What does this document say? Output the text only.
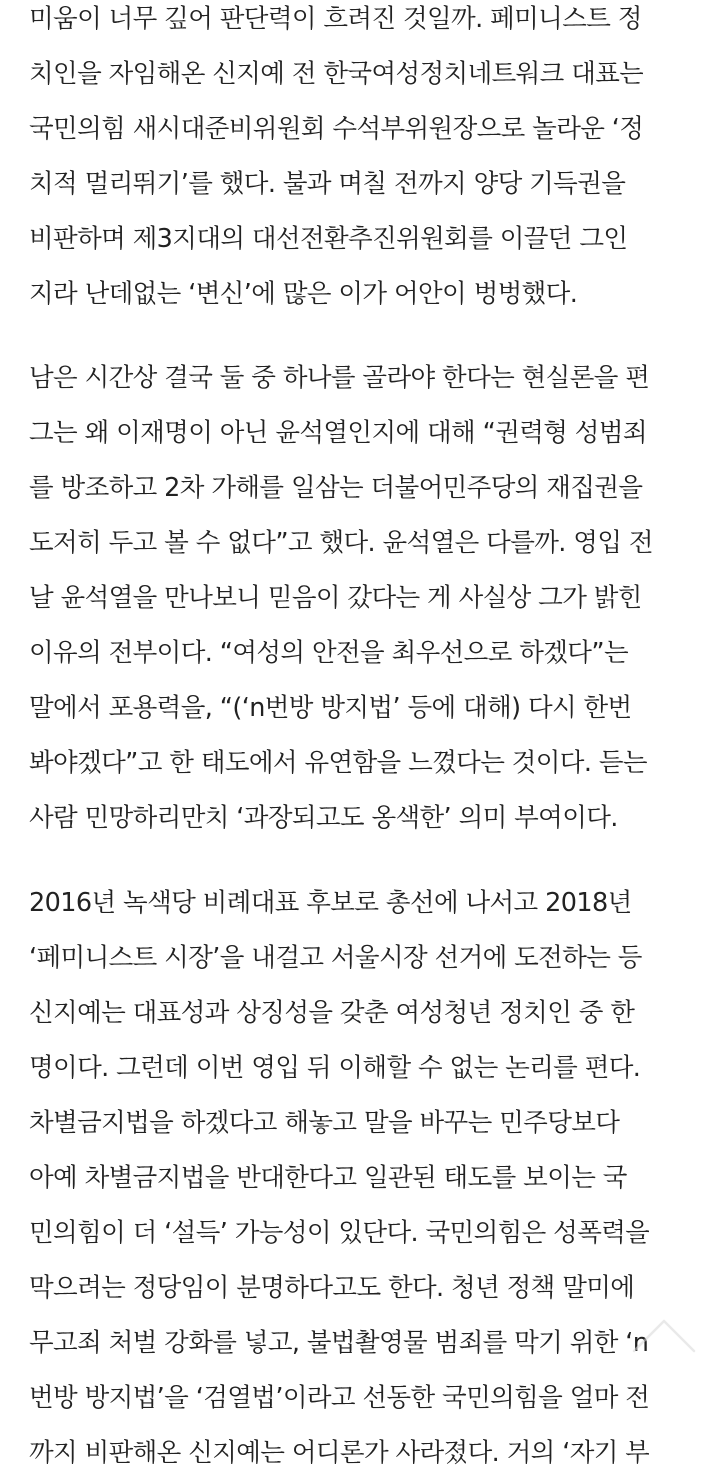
미움이 너무 깊어 판단력이 흐려진 것일까. 페미니스트 정
치인을 자임해온 신지예 전 한국여성정치네트워크 대표는
국민의힘 새시대준비위원회 수석부위원장으로 놀라운 ‘정
치적 멀리뛰기’를 했다. 불과 며칠 전까지 양당 기득권을
비판하며 제3지대의 대선전환추진위원회를 이끌던 그인
지라 난데없는 ‘변신’에 많은 이가 어안이 벙벙했다.
남은 시간상 결국 둘 중 하나를 골라야 한다는 현실론을 편
그는 왜 이재명이 아닌 윤석열인지에 대해 “권력형 성범죄
를 방조하고 2차 가해를 일삼는 더불어민주당의 재집권을
도저히 두고 볼 수 없다”고 했다. 윤석열은 다를까. 영입 전
날 윤석열을 만나보니 믿음이 갔다는 게 사실상 그가 밝힌
이유의 전부이다. “여성의 안전을 최우선으로 하겠다”는
말에서 포용력을, “(‘n번방 방지법’ 등에 대해) 다시 한번
봐야겠다”고 한 태도에서 유연함을 느꼈다는 것이다. 듣는
사람 민망하리만치 ‘과장되고도 옹색한’ 의미 부여이다.
2016년 녹색당 비례대표 후보로 총선에 나서고 2018년
‘페미니스트 시장’을 내걸고 서울시장 선거에 도전하는 등
신지예는 대표성과 상징성을 갖춘 여성청년 정치인 중 한
명이다. 그런데 이번 영입 뒤 이해할 수 없는 논리를 편다.
차별금지법을 하겠다고 해놓고 말을 바꾸는 민주당보다
아예 차별금지법을 반대한다고 일관된 태도를 보이는 국
민의힘이 더 ‘설득’ 가능성이 있단다. 국민의힘은 성폭력을
막으려는 정당임이 분명하다고도 한다. 청년 정책 말미에
무고죄 처벌 강화를 넣고, 불법촬영물 범죄를 막기 위한 ‘n
번방 방지법’을 ‘검열법’이라고 선동한 국민의힘을 얼마 전
까지 비판해온 신지예는 어디론가 사라졌다. 거의 ‘자기 부
